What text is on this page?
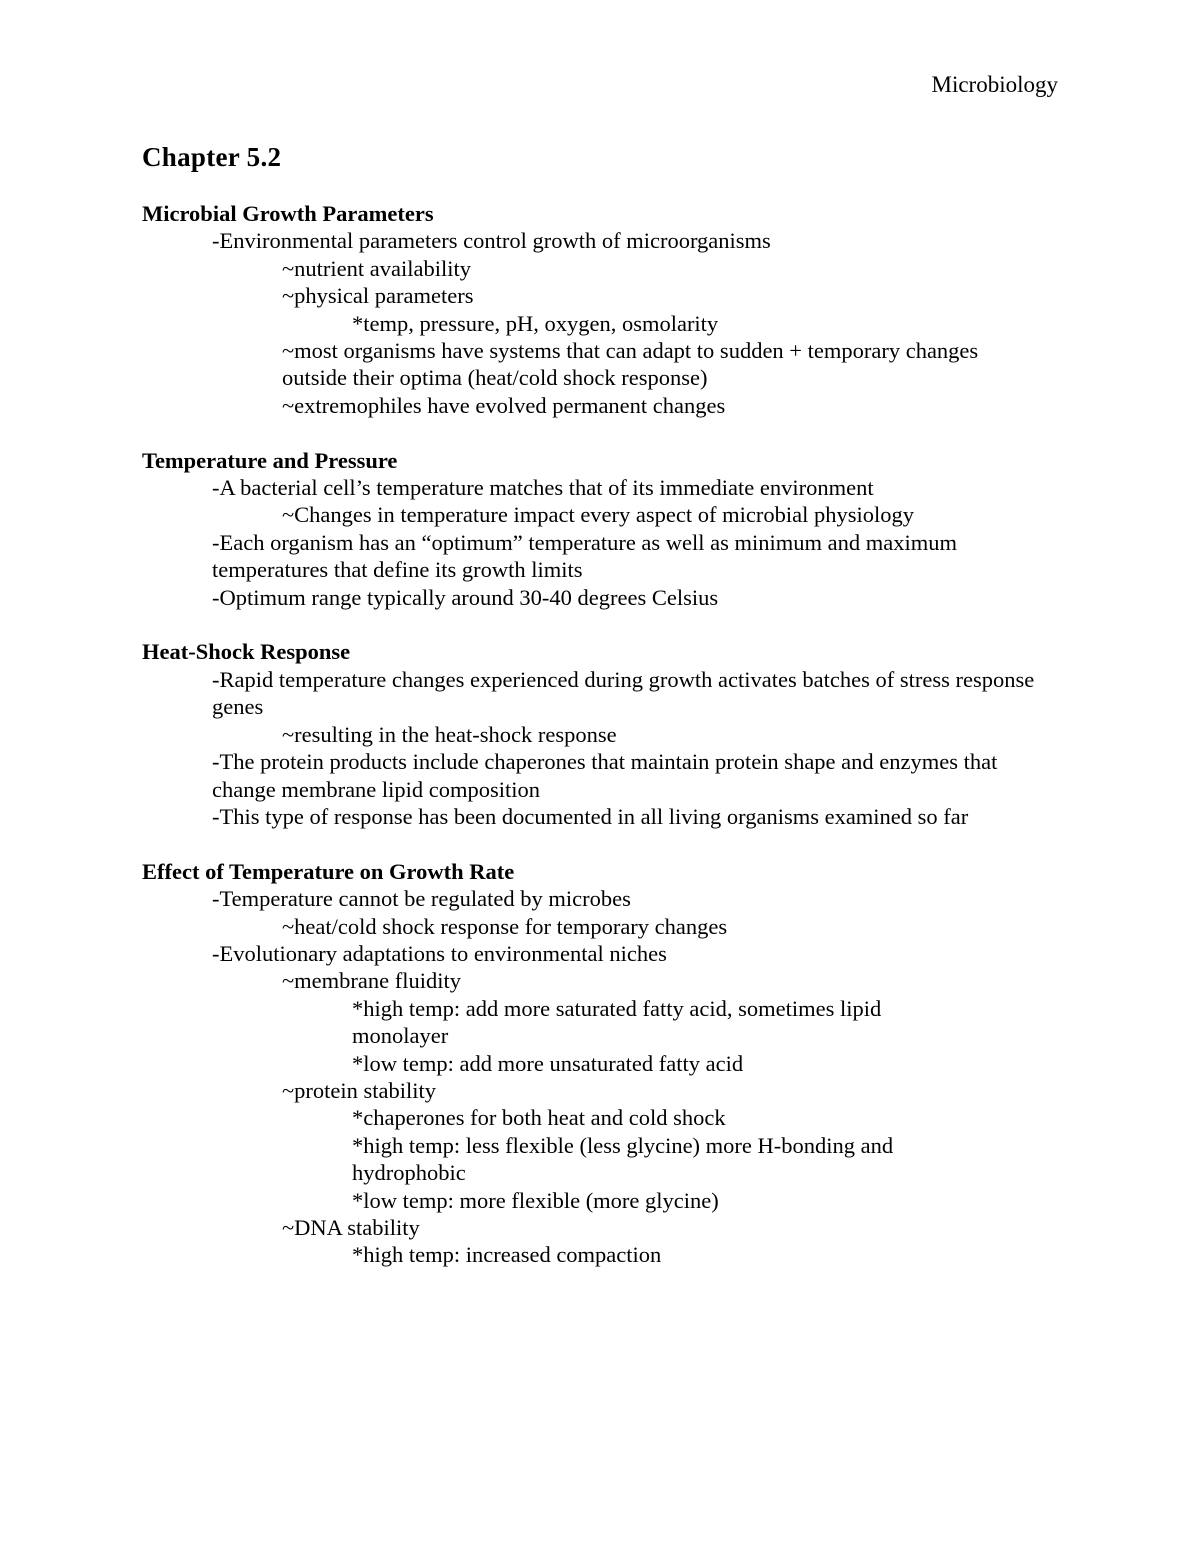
Microbiology
Chapter 5.2
Microbial Growth Parameters
-Environmental parameters control growth of microorganisms
~nutrient availability
~physical parameters
*temp, pressure, pH, oxygen, osmolarity
~most organisms have systems that can adapt to sudden + temporary changes outside their optima (heat/cold shock response)
~extremophiles have evolved permanent changes
Temperature and Pressure
-A bacterial cell’s temperature matches that of its immediate environment
~Changes in temperature impact every aspect of microbial physiology
-Each organism has an “optimum” temperature as well as minimum and maximum temperatures that define its growth limits
-Optimum range typically around 30-40 degrees Celsius
Heat-Shock Response
-Rapid temperature changes experienced during growth activates batches of stress response genes
~resulting in the heat-shock response
-The protein products include chaperones that maintain protein shape and enzymes that change membrane lipid composition
-This type of response has been documented in all living organisms examined so far
Effect of Temperature on Growth Rate
-Temperature cannot be regulated by microbes
~heat/cold shock response for temporary changes
-Evolutionary adaptations to environmental niches
~membrane fluidity
*high temp: add more saturated fatty acid, sometimes lipid monolayer
*low temp: add more unsaturated fatty acid
~protein stability
*chaperones for both heat and cold shock
*high temp: less flexible (less glycine) more H-bonding and hydrophobic
*low temp: more flexible (more glycine)
~DNA stability
*high temp: increased compaction
